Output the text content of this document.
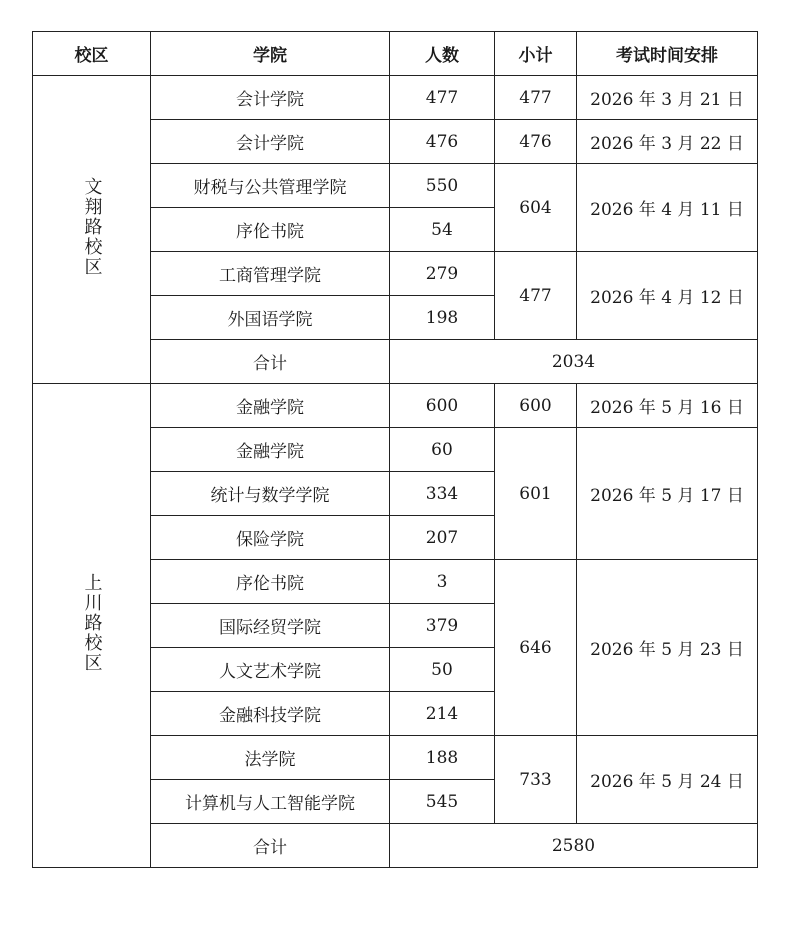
校区	学院	人数	小计	考试时间安排
文翔路校区	会计学院	477	477	2026 年 3 月 21 日
	会计学院	476	476	2026 年 3 月 22 日
	财税与公共管理学院	550	604	2026 年 4 月 11 日
	序伦书院	54		
	工商管理学院	279	477	2026 年 4 月 12 日
	外国语学院	198		
	合计	2034		
上川路校区	金融学院	600	600	2026 年 5 月 16 日
	金融学院	60	601	2026 年 5 月 17 日
	统计与数学学院	334		
	保险学院	207		
	序伦书院	3	646	2026 年 5 月 23 日
	国际经贸学院	379		
	人文艺术学院	50		
	金融科技学院	214		
	法学院	188	733	2026 年 5 月 24 日
	计算机与人工智能学院	545		
	合计	2580		
